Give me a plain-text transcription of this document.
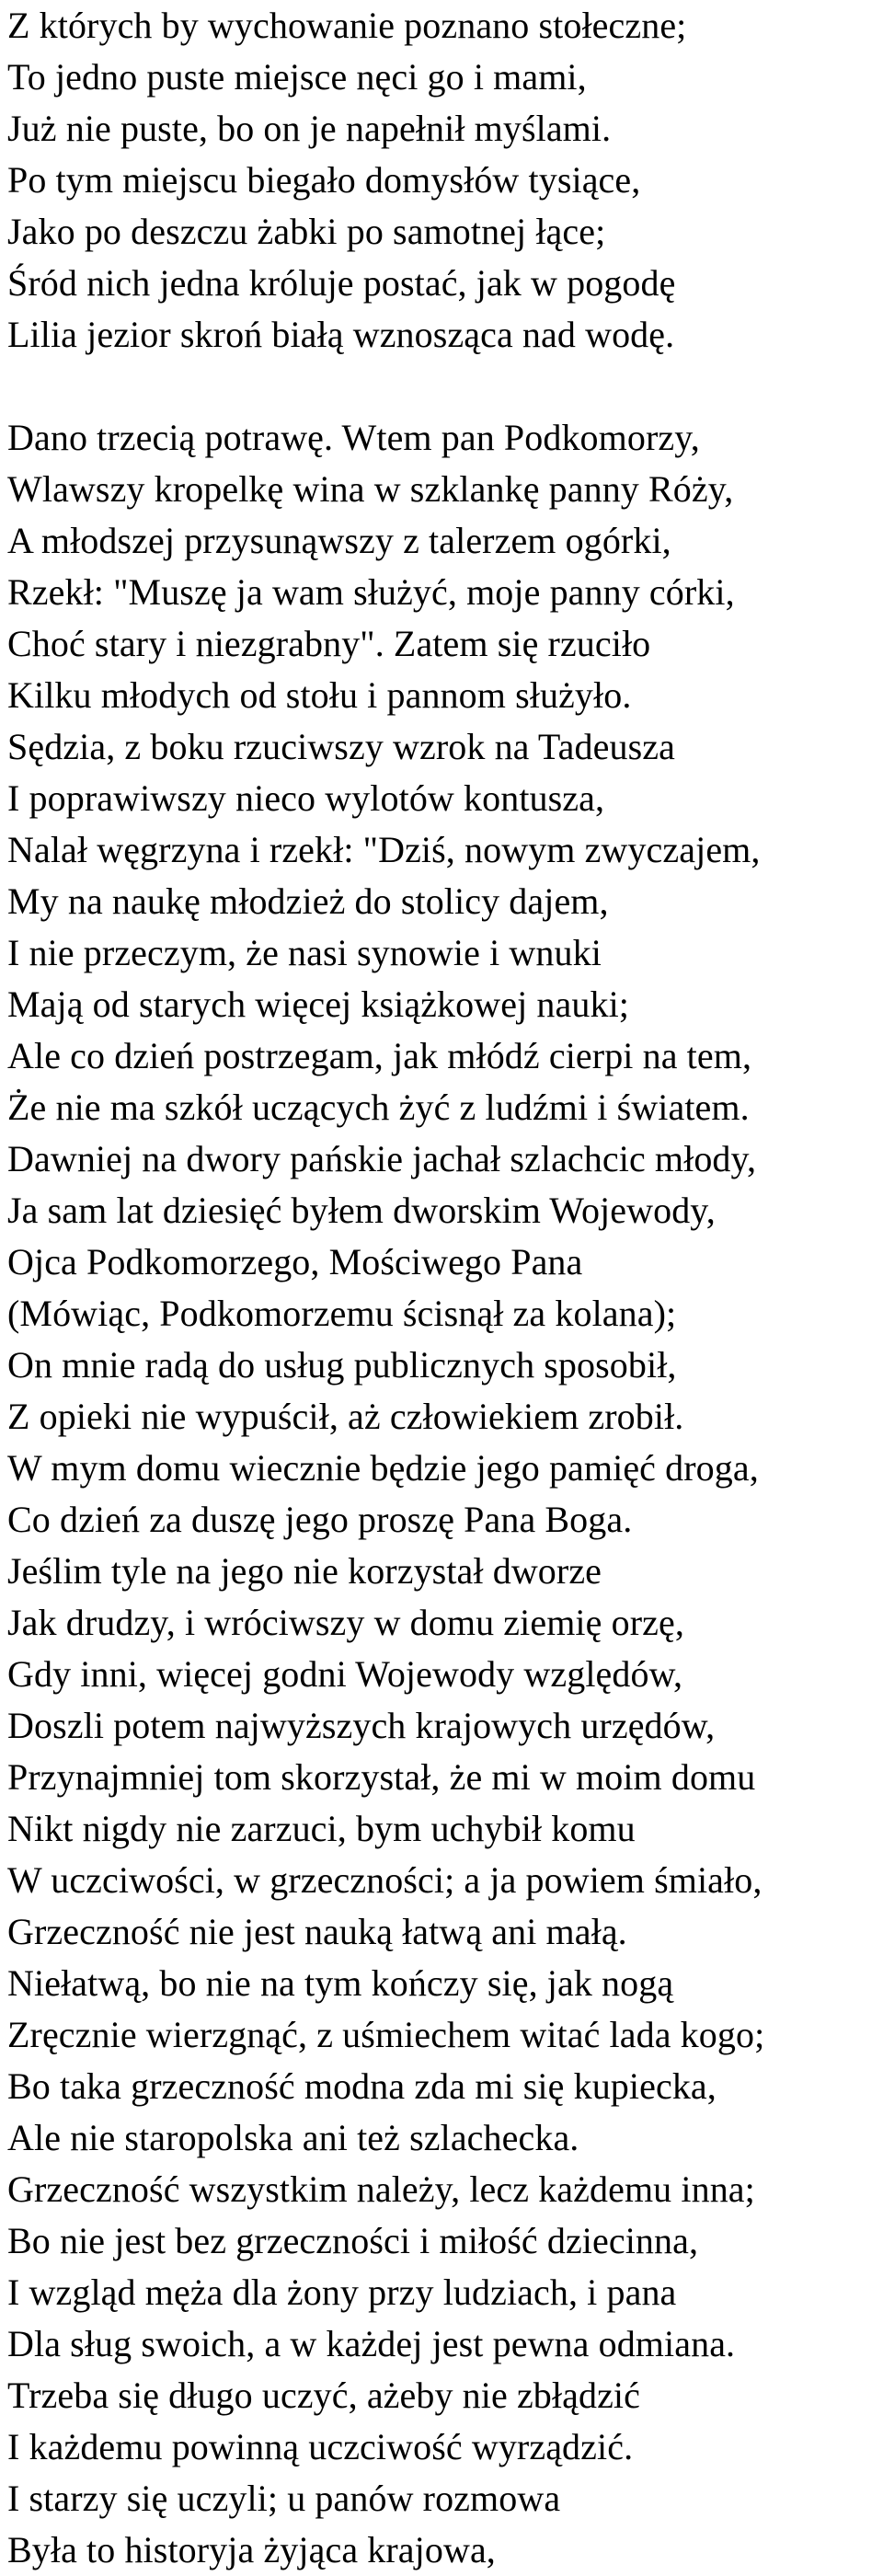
Z których by wychowanie poznano stołeczne;
To jedno puste miejsce nęci go i mami,
Już nie puste, bo on je napełnił myślami.
Po tym miejscu biegało domysłów tysiące,
Jako po deszczu żabki po samotnej łące;
Śród nich jedna króluje postać, jak w pogodę
Lilia jezior skroń białą wznosząca nad wodę.
Dano trzecią potrawę. Wtem pan Podkomorzy,
Wlawszy kropelkę wina w szklankę panny Róży,
A młodszej przysunąwszy z talerzem ogórki,
Rzekł: "Muszę ja wam służyć, moje panny córki,
Choć stary i niezgrabny". Zatem się rzuciło
Kilku młodych od stołu i pannom służyło.
Sędzia, z boku rzuciwszy wzrok na Tadeusza
I poprawiwszy nieco wylotów kontusza,
Nalał węgrzyna i rzekł: "Dziś, nowym zwyczajem,
My na naukę młodzież do stolicy dajem,
I nie przeczym, że nasi synowie i wnuki
Mają od starych więcej książkowej nauki;
Ale co dzień postrzegam, jak młódź cierpi na tem,
Że nie ma szkół uczących żyć z ludźmi i światem.
Dawniej na dwory pańskie jachał szlachcic młody,
Ja sam lat dziesięć byłem dworskim Wojewody,
Ojca Podkomorzego, Mościwego Pana
(Mówiąc, Podkomorzemu ścisnął za kolana);
On mnie radą do usług publicznych sposobił,
Z opieki nie wypuścił, aż człowiekiem zrobił.
W mym domu wiecznie będzie jego pamięć droga,
Co dzień za duszę jego proszę Pana Boga.
Jeślim tyle na jego nie korzystał dworze
Jak drudzy, i wróciwszy w domu ziemię orzę,
Gdy inni, więcej godni Wojewody względów,
Doszli potem najwyższych krajowych urzędów,
Przynajmniej tom skorzystał, że mi w moim domu
Nikt nigdy nie zarzuci, bym uchybił komu
W uczciwości, w grzeczności; a ja powiem śmiało,
Grzeczność nie jest nauką łatwą ani małą.
Niełatwą, bo nie na tym kończy się, jak nogą
Zręcznie wierzgnąć, z uśmiechem witać lada kogo;
Bo taka grzeczność modna zda mi się kupiecka,
Ale nie staropolska ani też szlachecka.
Grzeczność wszystkim należy, lecz każdemu inna;
Bo nie jest bez grzeczności i miłość dziecinna,
I wzgląd męża dla żony przy ludziach, i pana
Dla sług swoich, a w każdej jest pewna odmiana.
Trzeba się długo uczyć, ażeby nie zbłądzić
I każdemu powinną uczciwość wyrządzić.
I starzy się uczyli; u panów rozmowa
Była to historyja żyjąca krajowa,
